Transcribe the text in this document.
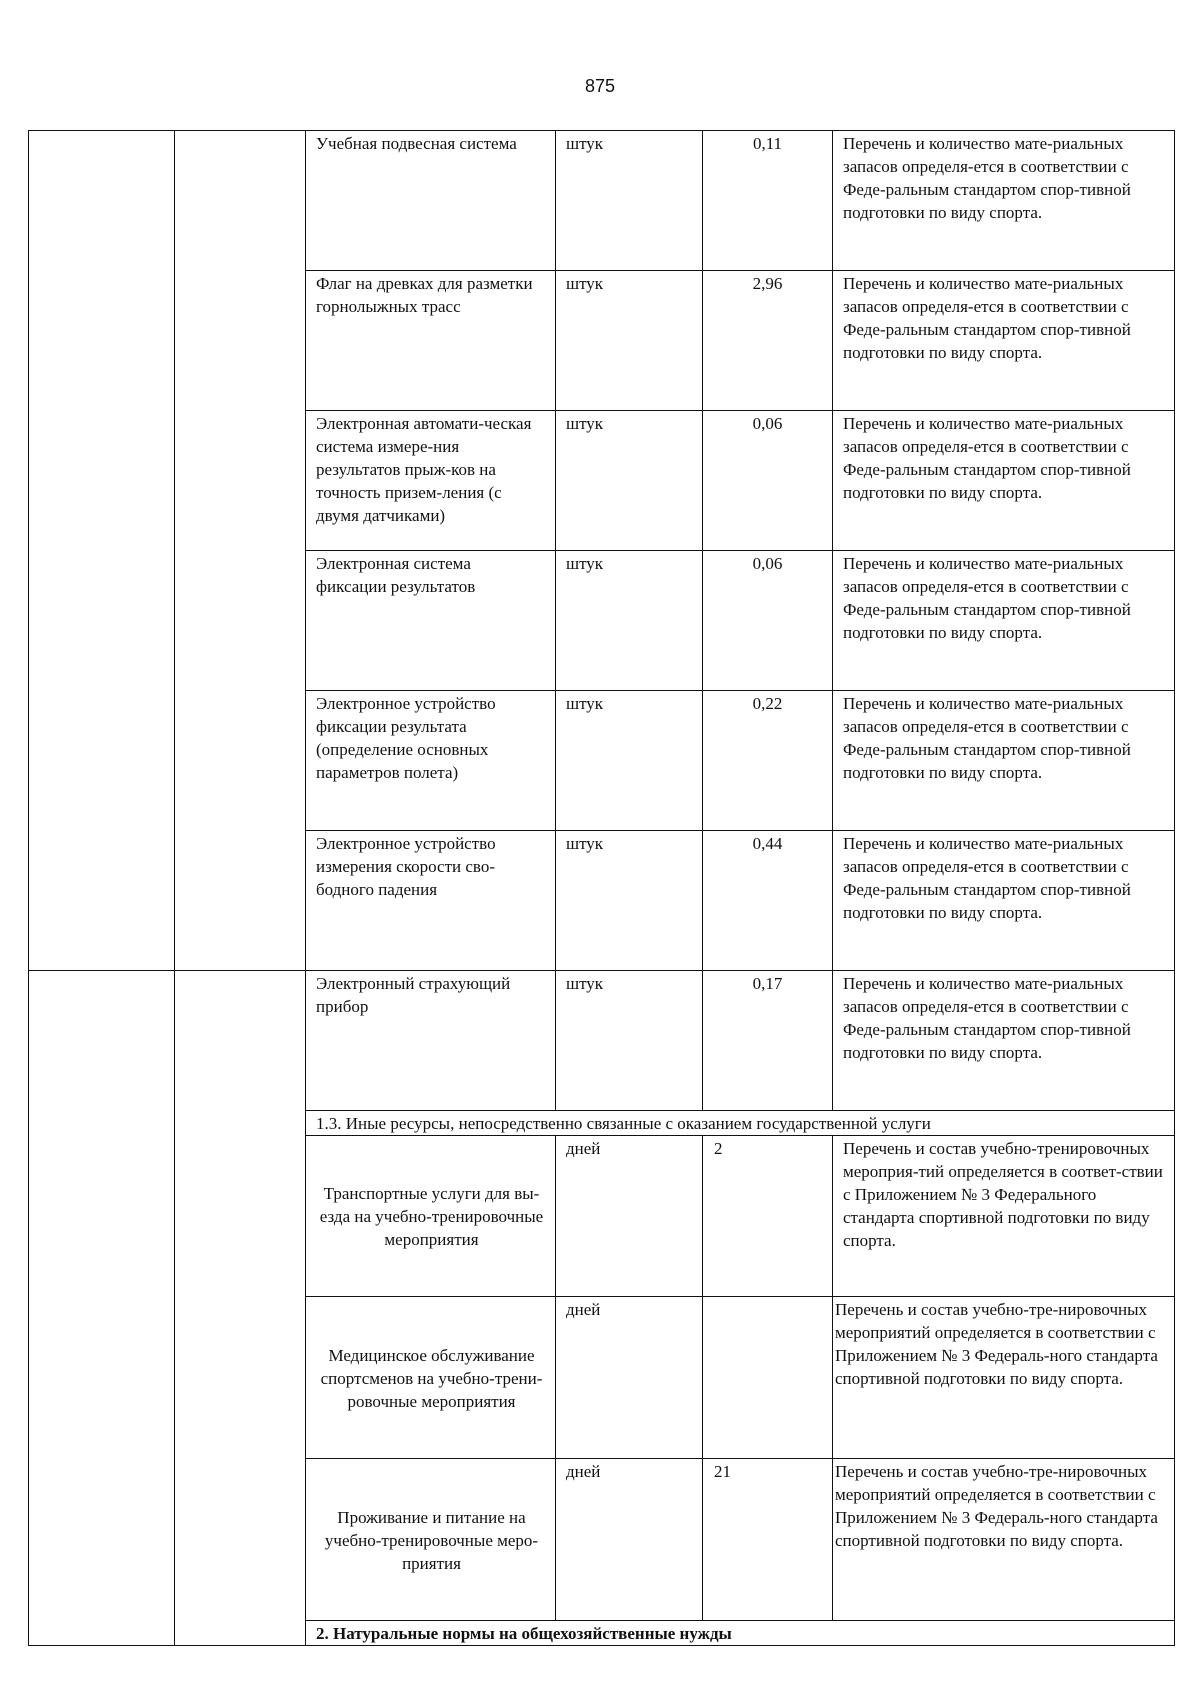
875
		Учебная подвесная система	штук	0,11	Перечень и количество мате-риальных запасов определя-ется в соответствии с Феде-ральным стандартом спор-тивной подготовки по виду спорта.
		Флаг на древках для разметки горнолыжных трасс	штук	2,96	Перечень и количество мате-риальных запасов определя-ется в соответствии с Феде-ральным стандартом спор-тивной подготовки по виду спорта.
		Электронная автомати-ческая система измере-ния результатов прыж-ков на точность призем-ления (с двумя датчиками)	штук	0,06	Перечень и количество мате-риальных запасов определя-ется в соответствии с Феде-ральным стандартом спор-тивной подготовки по виду спорта.
		Электронная система фиксации результатов	штук	0,06	Перечень и количество мате-риальных запасов определя-ется в соответствии с Феде-ральным стандартом спор-тивной подготовки по виду спорта.
		Электронное устройство фиксации результата (определение основных параметров полета)	штук	0,22	Перечень и количество мате-риальных запасов определя-ется в соответствии с Феде-ральным стандартом спор-тивной подготовки по виду спорта.
		Электронное устройство измерения скорости сво-бодного падения	штук	0,44	Перечень и количество мате-риальных запасов определя-ется в соответствии с Феде-ральным стандартом спор-тивной подготовки по виду спорта.
		Электронный страхующий прибор	штук	0,17	Перечень и количество мате-риальных запасов определя-ется в соответствии с Феде-ральным стандартом спор-тивной подготовки по виду спорта.
		1.3. Иные ресурсы, непосредственно связанные с оказанием государственной услуги			
		Транспортные услуги для вы-езда на учебно-тренировочные мероприятия	дней	2	Перечень и состав учебно-тренировочных мероприя-тий определяется в соответ-ствии с Приложением № 3 Федерального стандарта спортивной подготовки по виду спорта.
		Медицинское обслуживание спортсменов на учебно-трени-ровочные мероприятия	дней		Перечень и состав учебно-тре-нировочных мероприятий определяется в соответствии с Приложением № 3 Федераль-ного стандарта спортивной подготовки по виду спорта.
		Проживание и питание на учебно-тренировочные меро-приятия	дней	21	Перечень и состав учебно-тре-нировочных мероприятий определяется в соответствии с Приложением № 3 Федераль-ного стандарта спортивной подготовки по виду спорта.
		2. Натуральные нормы на общехозяйственные нужды			
